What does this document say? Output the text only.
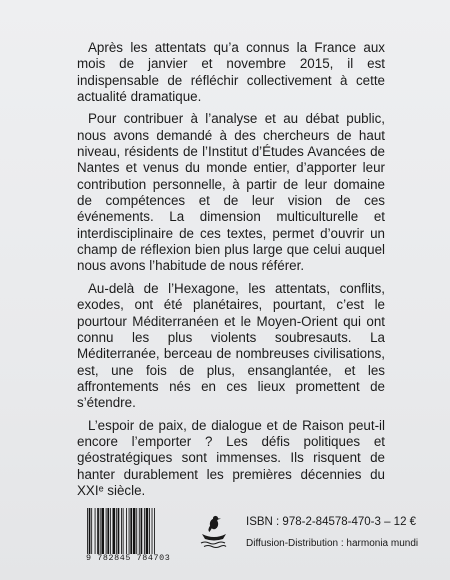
Après les attentats qu’a connus la France aux mois de janvier et novembre 2015, il est indispensable de réfléchir collectivement à cette actualité dramatique.

Pour contribuer à l’analyse et au débat public, nous avons demandé à des chercheurs de haut niveau, résidents de l’Institut d’Études Avancées de Nantes et venus du monde entier, d’apporter leur contribution personnelle, à partir de leur domaine de compétences et de leur vision de ces événements. La dimension multiculturelle et interdisciplinaire de ces textes, permet d’ouvrir un champ de réflexion bien plus large que celui auquel nous avons l’habitude de nous référer.

Au-delà de l’Hexagone, les attentats, conflits, exodes, ont été planétaires, pourtant, c’est le pourtour Méditerranéen et le Moyen-Orient qui ont connu les plus violents soubresauts. La Méditerranée, berceau de nombreuses civilisations, est, une fois de plus, ensanglantée, et les affrontements nés en ces lieux promettent de s’étendre.

L’espoir de paix, de dialogue et de Raison peut-il encore l’emporter ? Les défis politiques et géostratégiques sont immenses. Ils risquent de hanter durablement les premières décennies du XXIᵉ siècle.

9 782845 784703
ISBN : 978-2-84578-470-3 – 12 €
Diffusion-Distribution : harmonia mundi
